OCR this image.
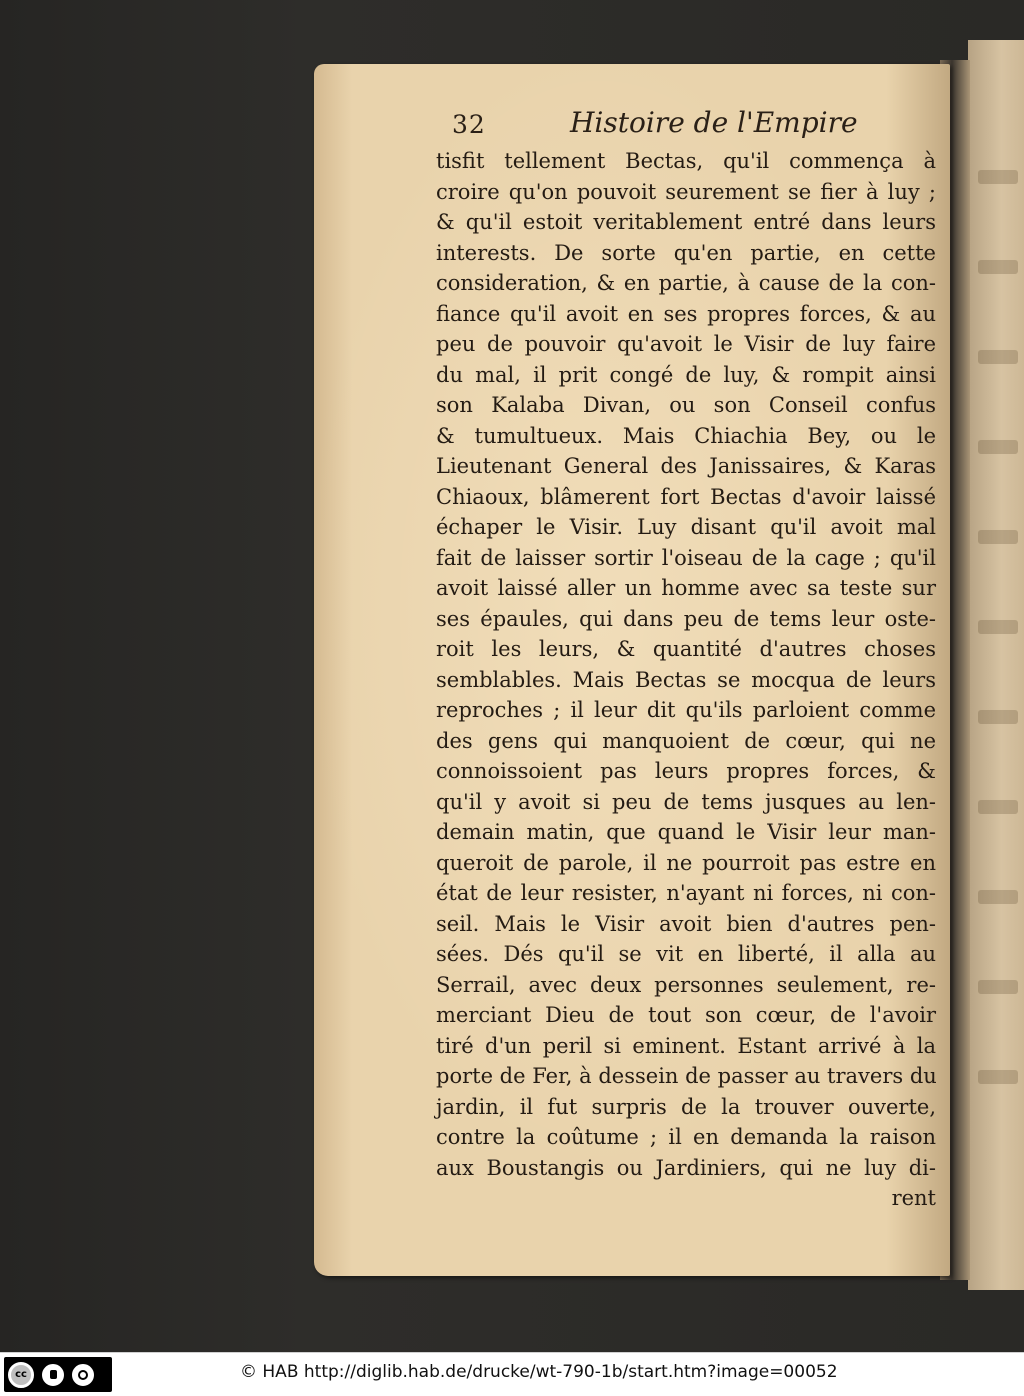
32	Histoire de l'Empire
tisfit tellement Bectas, qu'il commença à
croire qu'on pouvoit seurement se fier à luy ;
& qu'il estoit veritablement entré dans leurs
interests. De sorte qu'en partie, en cette
consideration, & en partie, à cause de la con-
fiance qu'il avoit en ses propres forces, & au
peu de pouvoir qu'avoit le Visir de luy faire
du mal, il prit congé de luy, & rompit ainsi
son Kalaba Divan, ou son Conseil confus
& tumultueux. Mais Chiachia Bey, ou le
Lieutenant General des Janissaires, & Karas
Chiaoux, blâmerent fort Bectas d'avoir laissé
échaper le Visir. Luy disant qu'il avoit mal
fait de laisser sortir l'oiseau de la cage ; qu'il
avoit laissé aller un homme avec sa teste sur
ses épaules, qui dans peu de tems leur oste-
roit les leurs, & quantité d'autres choses
semblables. Mais Bectas se mocqua de leurs
reproches ; il leur dit qu'ils parloient comme
des gens qui manquoient de cœur, qui ne
connoissoient pas leurs propres forces, &
qu'il y avoit si peu de tems jusques au len-
demain matin, que quand le Visir leur man-
queroit de parole, il ne pourroit pas estre en
état de leur resister, n'ayant ni forces, ni con-
seil. Mais le Visir avoit bien d'autres pen-
sées. Dés qu'il se vit en liberté, il alla au
Serrail, avec deux personnes seulement, re-
merciant Dieu de tout son cœur, de l'avoir
tiré d'un peril si eminent. Estant arrivé à la
porte de Fer, à dessein de passer au travers du
jardin, il fut surpris de la trouver ouverte,
contre la coûtume ; il en demanda la raison
aux Boustangis ou Jardiniers, qui ne luy di-
rent
cc	© HAB http://diglib.hab.de/drucke/wt-790-1b/start.htm?image=00052
